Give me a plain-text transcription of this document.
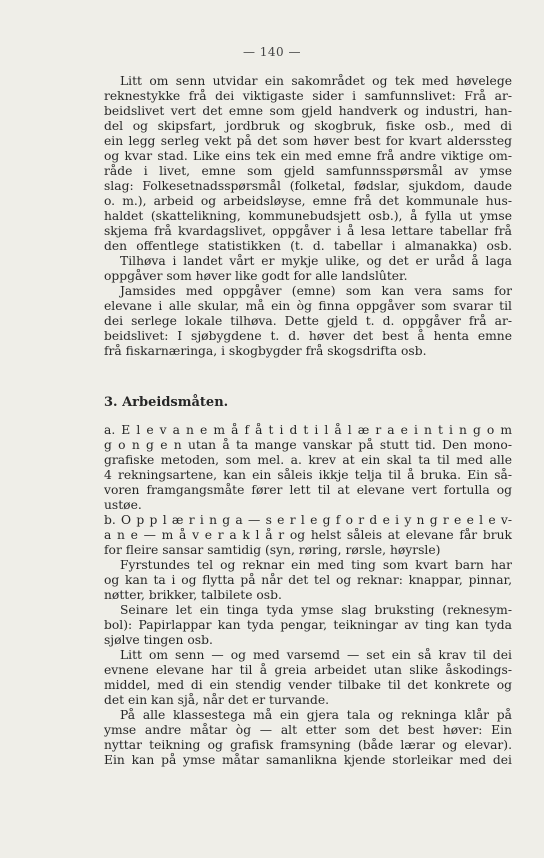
— 140 —
Litt om senn utvidar ein sakområdet og tek med høvelege
reknestykke frå dei viktigaste sider i samfunnslivet: Frå ar-
beidslivet vert det emne som gjeld handverk og industri, han-
del og skipsfart, jordbruk og skogbruk, fiske osb., med di
ein legg serleg vekt på det som høver best for kvart alderssteg
og kvar stad. Like eins tek ein med emne frå andre viktige om-
råde i livet, emne som gjeld samfunnsspørsmål av ymse
slag: Folkesetnadsspørsmål (folketal, fødslar, sjukdom, daude
o. m.), arbeid og arbeidsløyse, emne frå det kommunale hus-
haldet (skattelikning, kommunebudsjett osb.), å fylla ut ymse
skjema frå kvardagslivet, oppgåver i å lesa lettare tabellar frå
den offentlege statistikken (t. d. tabellar i almanakka) osb.
Tilhøva i landet vårt er mykje ulike, og det er uråd å laga
oppgåver som høver like godt for alle landslûter.
Jamsides med oppgåver (emne) som kan vera sams for
elevane i alle skular, må ein òg finna oppgåver som svarar til
dei serlege lokale tilhøva. Dette gjeld t. d. oppgåver frå ar-
beidslivet: I sjøbygdene t. d. høver det best å henta emne
frå fiskarnæringa, i skogbygder frå skogsdrifta osb.
3. Arbeidsmåten.
a. E l e v a n e m å f å t i d t i l å l æ r a e i n t i n g o m
g o n g e n utan å ta mange vanskar på stutt tid. Den mono-
grafiske metoden, som mel. a. krev at ein skal ta til med alle
4 rekningsartene, kan ein såleis ikkje telja til å bruka. Ein så-
voren framgangsmåte fører lett til at elevane vert fortulla og
ustøe.
b. O p p l æ r i n g a — s e r l e g f o r d e i y n g r e e l e v-
a n e — m å v e r a k l å r og helst såleis at elevane får bruk
for fleire sansar samtidig (syn, røring, rørsle, høyrsle)
Fyrstundes tel og reknar ein med ting som kvart barn har
og kan ta i og flytta på når det tel og reknar: knappar, pinnar,
nøtter, brikker, talbilete osb.
Seinare let ein tinga tyda ymse slag bruksting (reknesym-
bol): Papirlappar kan tyda pengar, teikningar av ting kan tyda
sjølve tingen osb.
Litt om senn — og med varsemd — set ein så krav til dei
evnene elevane har til å greia arbeidet utan slike åskodings-
middel, med di ein stendig vender tilbake til det konkrete og
det ein kan sjå, når det er turvande.
På alle klassestega må ein gjera tala og rekninga klår på
ymse andre måtar òg — alt etter som det best høver: Ein
nyttar teikning og grafisk framsyning (både lærar og elevar).
Ein kan på ymse måtar samanlikna kjende storleikar med dei
